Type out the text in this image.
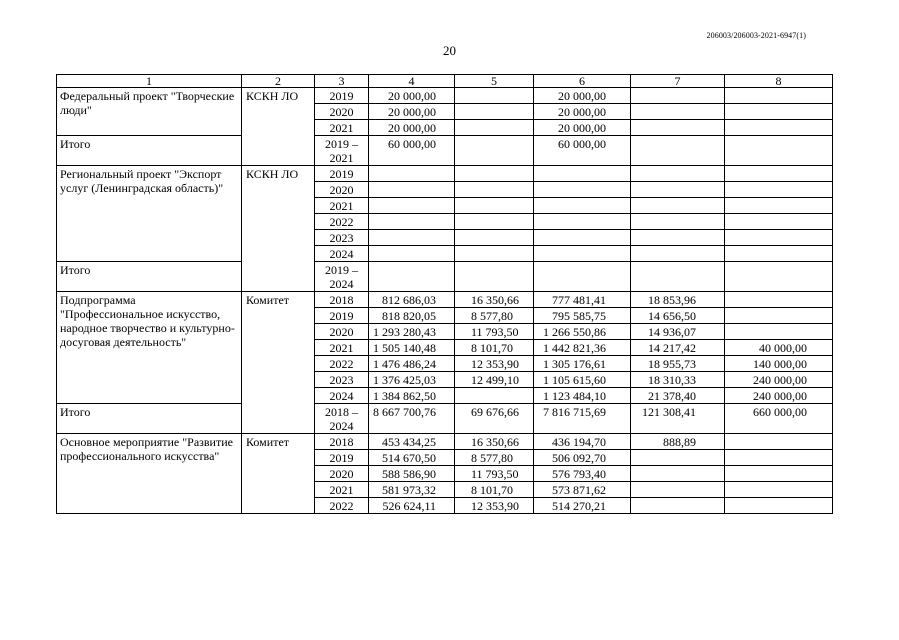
206003/206003-2021-6947(1)
20
1	2	3	4	5	6	7	8
Федеральный проект "Творческие люди"	КСКН ЛО	2019	20 000,00		20 000,00		
		2020	20 000,00		20 000,00		
		2021	20 000,00		20 000,00		
Итого		2019 – 2021	60 000,00		60 000,00		
Региональный проект "Экспорт услуг (Ленинградская область)"	КСКН ЛО	2019					
		2020					
		2021					
		2022					
		2023					
		2024					
Итого		2019 – 2024					
Подпрограмма "Профессиональное искусство, народное творчество и культурно-досуговая деятельность"	Комитет	2018	812 686,03	16 350,66	777 481,41	18 853,96	
		2019	818 820,05	8 577,80	795 585,75	14 656,50	
		2020	1 293 280,43	11 793,50	1 266 550,86	14 936,07	
		2021	1 505 140,48	8 101,70	1 442 821,36	14 217,42	40 000,00
		2022	1 476 486,24	12 353,90	1 305 176,61	18 955,73	140 000,00
		2023	1 376 425,03	12 499,10	1 105 615,60	18 310,33	240 000,00
		2024	1 384 862,50		1 123 484,10	21 378,40	240 000,00
Итого		2018 – 2024	8 667 700,76	69 676,66	7 816 715,69	121 308,41	660 000,00
Основное мероприятие "Развитие профессионального искусства"	Комитет	2018	453 434,25	16 350,66	436 194,70	888,89	
		2019	514 670,50	8 577,80	506 092,70		
		2020	588 586,90	11 793,50	576 793,40		
		2021	581 973,32	8 101,70	573 871,62		
		2022	526 624,11	12 353,90	514 270,21		
